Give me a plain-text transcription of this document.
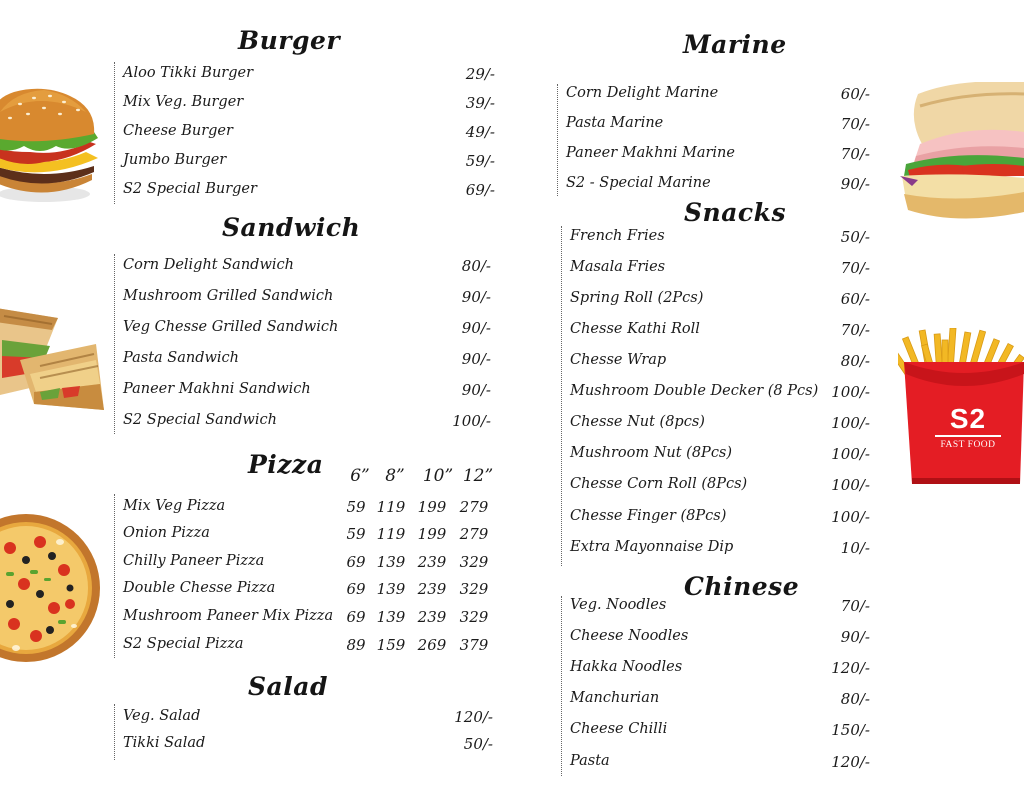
Burger
Aloo Tikki Burger	29/-
Mix Veg. Burger	39/-
Cheese Burger	49/-
Jumbo Burger	59/-
S2 Special Burger	69/-
Sandwich
Corn Delight Sandwich	80/-
Mushroom Grilled Sandwich	90/-
Veg Chesse Grilled Sandwich	90/-
Pasta Sandwich	90/-
Paneer Makhni Sandwich	90/-
S2 Special Sandwich	100/-
Pizza	6” 8”	10” 12”
Mix Veg Pizza	59 119 199 279
Onion Pizza	59 119 199 279
Chilly Paneer Pizza	69 139 239 329
Double Chesse Pizza	69 139 239 329
Mushroom Paneer Mix Pizza 69 139 239 329
S2 Special Pizza	89 159 269 379
Salad
Veg. Salad	120/-
Tikki Salad	50/-
Marine
Corn Delight Marine	60/-
Pasta Marine	70/-
Paneer Makhni Marine	70/-
S2 - Special Marine	90/-
Snacks
French Fries	50/-
Masala Fries	70/-
Spring Roll (2Pcs)	60/-
Chesse Kathi Roll	70/-
Chesse Wrap	80/-
Mushroom Double Decker (8 Pcs) 100/-
Chesse Nut (8pcs)	100/-
Mushroom Nut (8Pcs)	100/-
Chesse Corn Roll (8Pcs)	100/-
Chesse Finger (8Pcs)	100/-
Extra Mayonnaise Dip	10/-
Chinese
Veg. Noodles	70/-
Cheese Noodles	90/-
Hakka Noodles	120/-
Manchurian	80/-
Cheese Chilli	150/-
Pasta	120/-
S2
FAST FOOD
